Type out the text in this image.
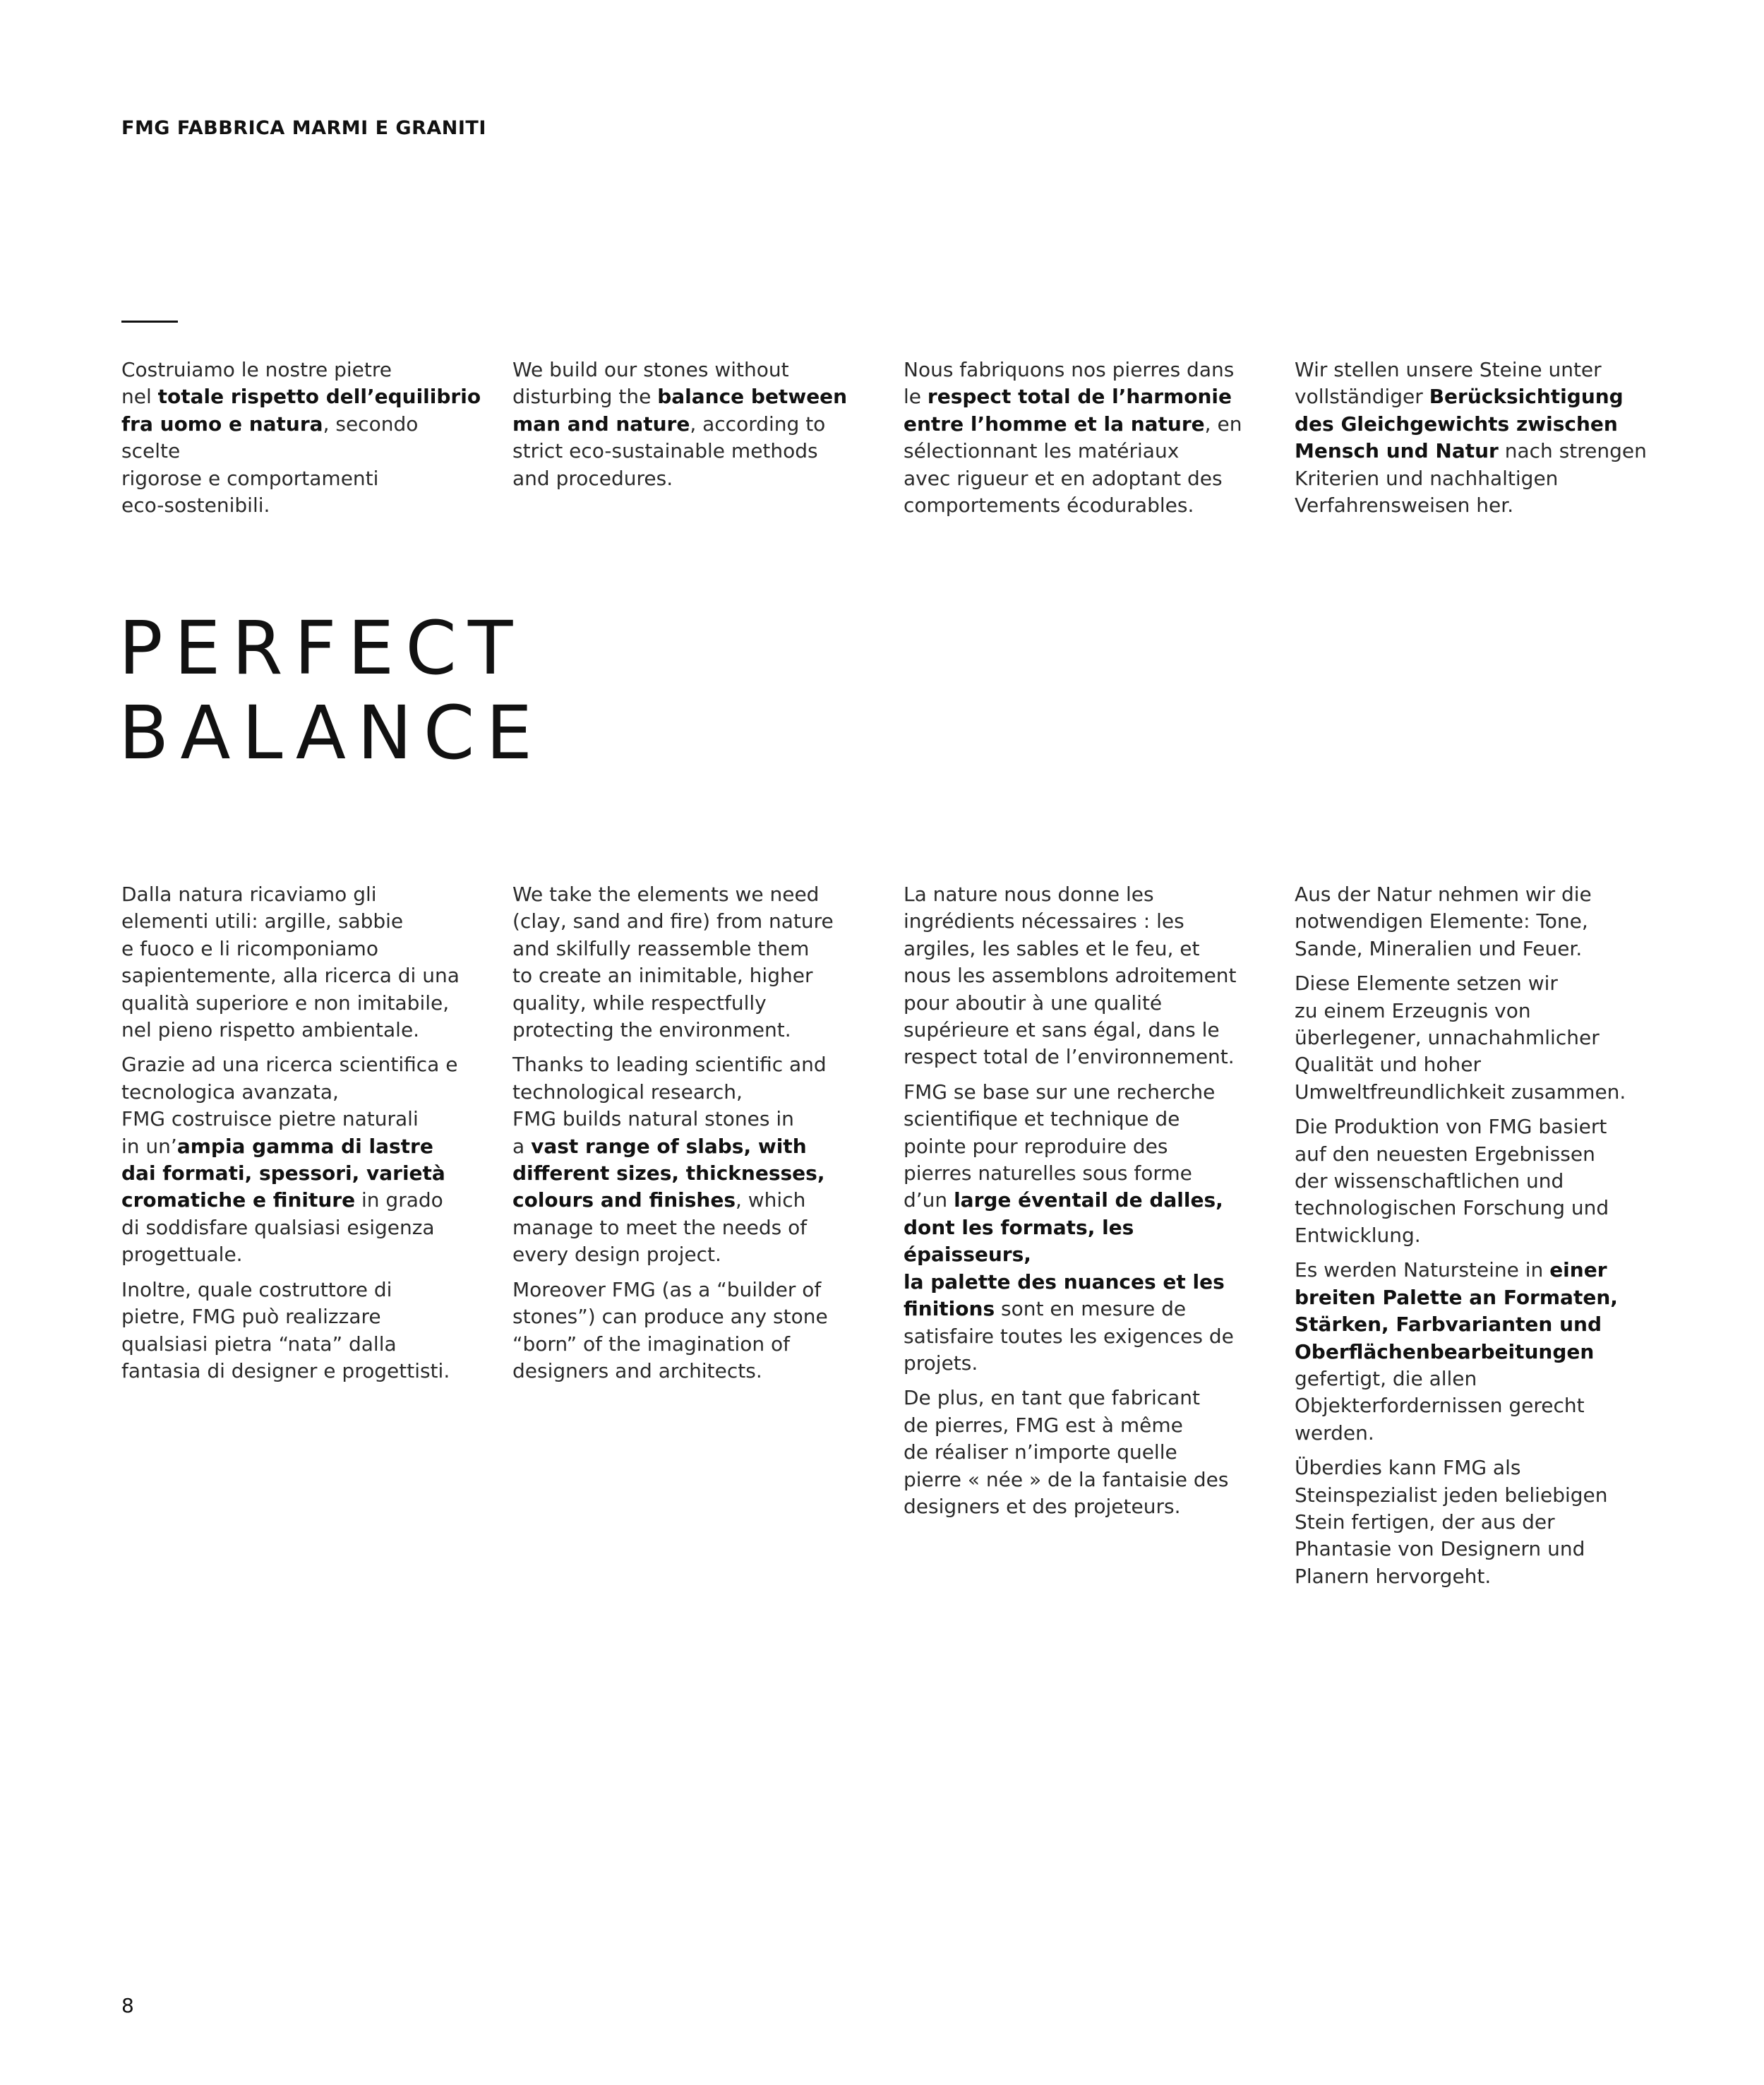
FMG FABBRICA MARMI E GRANITI

Costruiamo le nostre pietre
nel totale rispetto dell’equilibrio
fra uomo e natura, secondo scelte
rigorose e comportamenti
eco-sostenibili.

We build our stones without
disturbing the balance between
man and nature, according to
strict eco-sustainable methods
and procedures.

Nous fabriquons nos pierres dans
le respect total de l’harmonie
entre l’homme et la nature, en
sélectionnant les matériaux
avec rigueur et en adoptant des
comportements écodurables.

Wir stellen unsere Steine unter
vollständiger Berücksichtigung
des Gleichgewichts zwischen
Mensch und Natur nach strengen
Kriterien und nachhaltigen
Verfahrensweisen her.

PERFECT
BALANCE

Dalla natura ricaviamo gli
elementi utili: argille, sabbie
e fuoco e li ricomponiamo
sapientemente, alla ricerca di una
qualità superiore e non imitabile,
nel pieno rispetto ambientale.

Grazie ad una ricerca scientifica e
tecnologica avanzata,
FMG costruisce pietre naturali
in un’ampia gamma di lastre
dai formati, spessori, varietà
cromatiche e finiture in grado
di soddisfare qualsiasi esigenza
progettuale.

Inoltre, quale costruttore di
pietre, FMG può realizzare
qualsiasi pietra “nata” dalla
fantasia di designer e progettisti.

We take the elements we need
(clay, sand and fire) from nature
and skilfully reassemble them
to create an inimitable, higher
quality, while respectfully
protecting the environment.

Thanks to leading scientific and
technological research,
FMG builds natural stones in
a vast range of slabs, with
different sizes, thicknesses,
colours and finishes, which
manage to meet the needs of
every design project.

Moreover FMG (as a “builder of
stones”) can produce any stone
“born” of the imagination of
designers and architects.

La nature nous donne les
ingrédients nécessaires : les
argiles, les sables et le feu, et
nous les assemblons adroitement
pour aboutir à une qualité
supérieure et sans égal, dans le
respect total de l’environnement.

FMG se base sur une recherche
scientifique et technique de
pointe pour reproduire des
pierres naturelles sous forme
d’un large éventail de dalles,
dont les formats, les épaisseurs,
la palette des nuances et les
finitions sont en mesure de
satisfaire toutes les exigences de
projets.

De plus, en tant que fabricant
de pierres, FMG est à même
de réaliser n’importe quelle
pierre « née » de la fantaisie des
designers et des projeteurs.

Aus der Natur nehmen wir die
notwendigen Elemente: Tone,
Sande, Mineralien und Feuer.

Diese Elemente setzen wir
zu einem Erzeugnis von
überlegener, unnachahmlicher
Qualität und hoher
Umweltfreundlichkeit zusammen.

Die Produktion von FMG basiert
auf den neuesten Ergebnissen
der wissenschaftlichen und
technologischen Forschung und
Entwicklung.

Es werden Natursteine in einer
breiten Palette an Formaten,
Stärken, Farbvarianten und
Oberflächenbearbeitungen
gefertigt, die allen
Objekterfordernissen gerecht
werden.

Überdies kann FMG als
Steinspezialist jeden beliebigen
Stein fertigen, der aus der
Phantasie von Designern und
Planern hervorgeht.

8
